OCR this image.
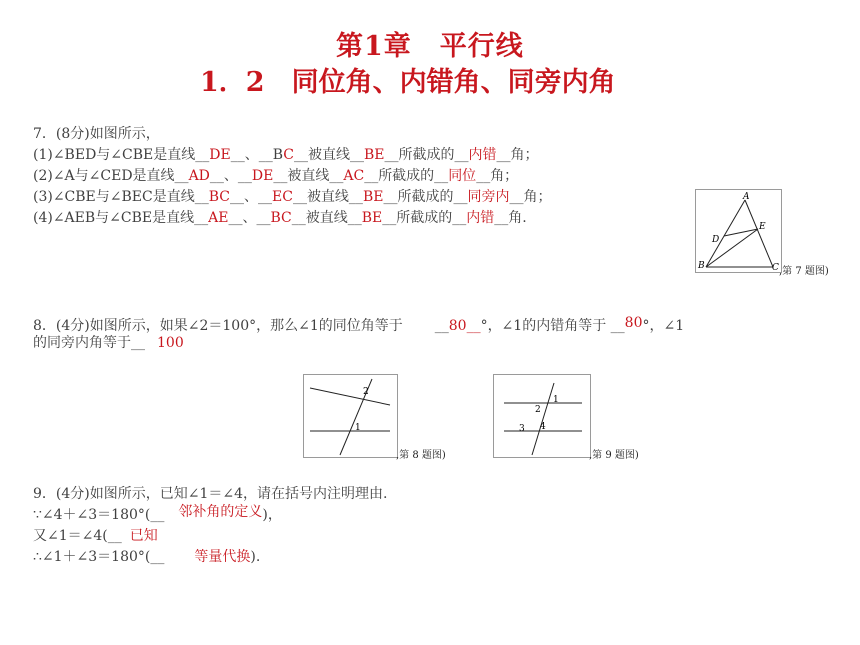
第1章　平行线
1．2　同位角、内错角、同旁内角
7．(8分)如图所示，
(1)∠BED与∠CBE是直线__DE__、__BC__被直线__BE__所截成的__内错__角；
(2)∠A与∠CED是直线__AD__、__DE__被直线__AC__所截成的__同位__角；
(3)∠CBE与∠BEC是直线__BC__、__EC__被直线__BE__所截成的__同旁内__角；
(4)∠AEB与∠CBE是直线__AE__、__BC__被直线__BE__所截成的__内错__角.
A
B	C
D
E
,第 7 题图)
8．(4分)如图所示，如果∠2＝100°，那么∠1的同位角等于 __80__°，∠1的内错角等于 __80°，∠1
的同旁内角等于__ 100
2
1
,第 8 题图)
1
2
3 4
,第 9 题图)
9．(4分)如图所示，已知∠1＝∠4，请在括号内注明理由.
∵∠4＋∠3＝180°(__ 邻补角的定义)，
又∠1＝∠4(__ 已知
∴∠1＋∠3＝180°(__ 等量代换).
